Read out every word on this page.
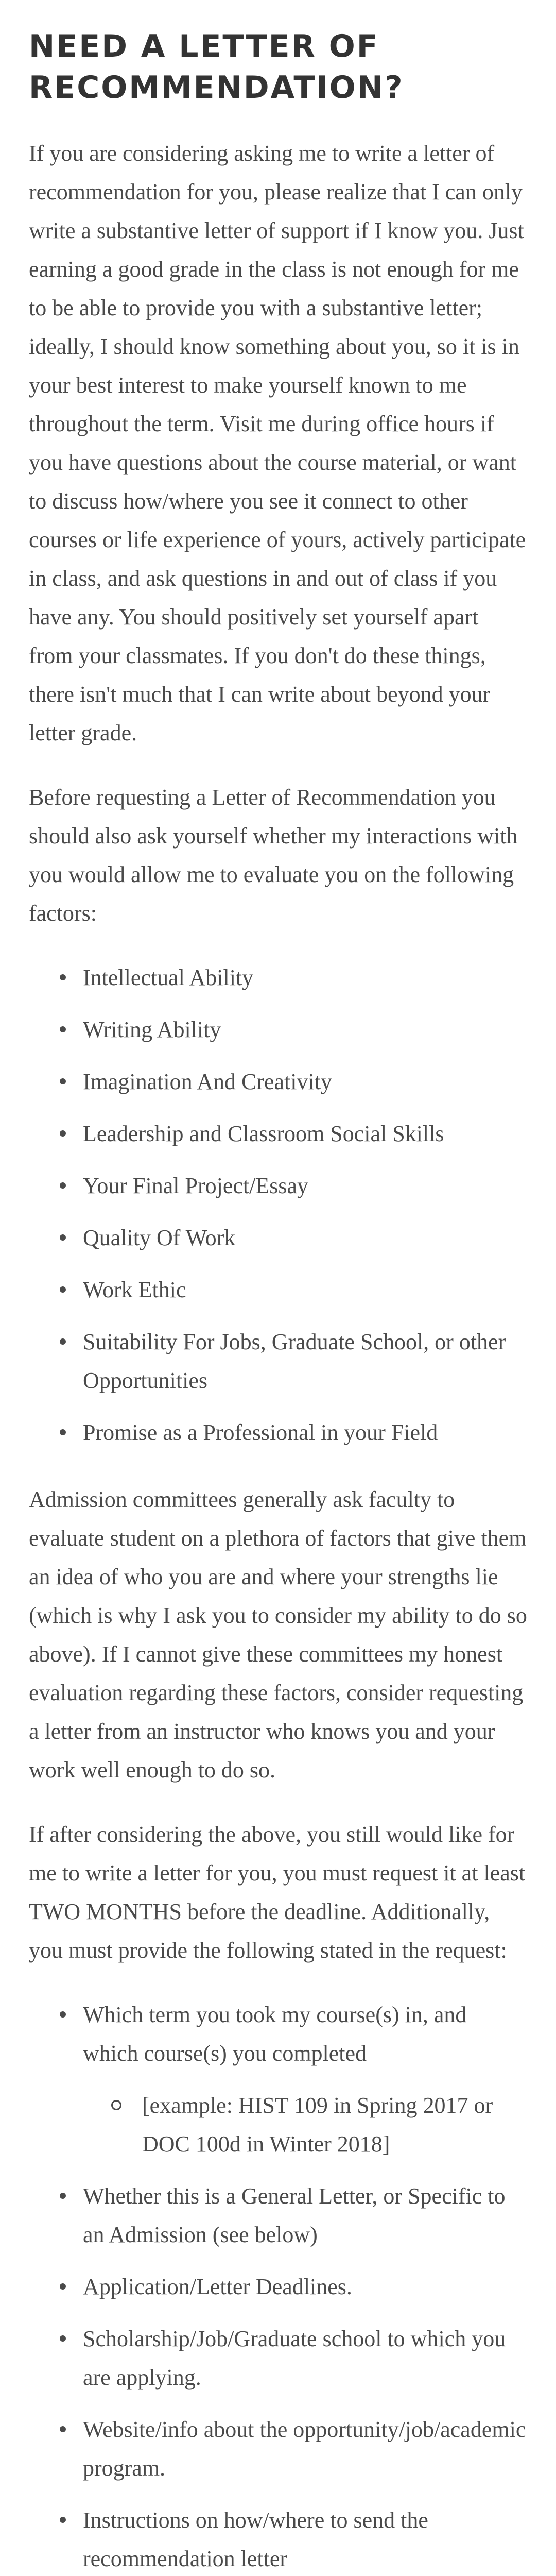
NEED A LETTER OF RECOMMENDATION?

If you are considering asking me to write a letter of recommendation for you, please realize that I can only write a substantive letter of support if I know you. Just earning a good grade in the class is not enough for me to be able to provide you with a substantive letter; ideally, I should know something about you, so it is in your best interest to make yourself known to me throughout the term. Visit me during office hours if you have questions about the course material, or want to discuss how/where you see it connect to other courses or life experience of yours, actively participate in class, and ask questions in and out of class if you have any. You should positively set yourself apart from your classmates. If you don't do these things, there isn't much that I can write about beyond your letter grade.

Before requesting a Letter of Recommendation you should also ask yourself whether my interactions with you would allow me to evaluate you on the following factors:

Intellectual Ability
Writing Ability
Imagination And Creativity
Leadership and Classroom Social Skills
Your Final Project/Essay
Quality Of Work
Work Ethic
Suitability For Jobs, Graduate School, or other Opportunities
Promise as a Professional in your Field

Admission committees generally ask faculty to evaluate student on a plethora of factors that give them an idea of who you are and where your strengths lie (which is why I ask you to consider my ability to do so above). If I cannot give these committees my honest evaluation regarding these factors, consider requesting a letter from an instructor who knows you and your work well enough to do so.

If after considering the above, you still would like for me to write a letter for you, you must request it at least TWO MONTHS before the deadline. Additionally, you must provide the following stated in the request:

Which term you took my course(s) in, and which course(s) you completed
[example: HIST 109 in Spring 2017 or DOC 100d in Winter 2018]
Whether this is a General Letter, or Specific to an Admission (see below)
Application/Letter Deadlines.
Scholarship/Job/Graduate school to which you are applying.
Website/info about the opportunity/job/academic program.
Instructions on how/where to send the recommendation letter
